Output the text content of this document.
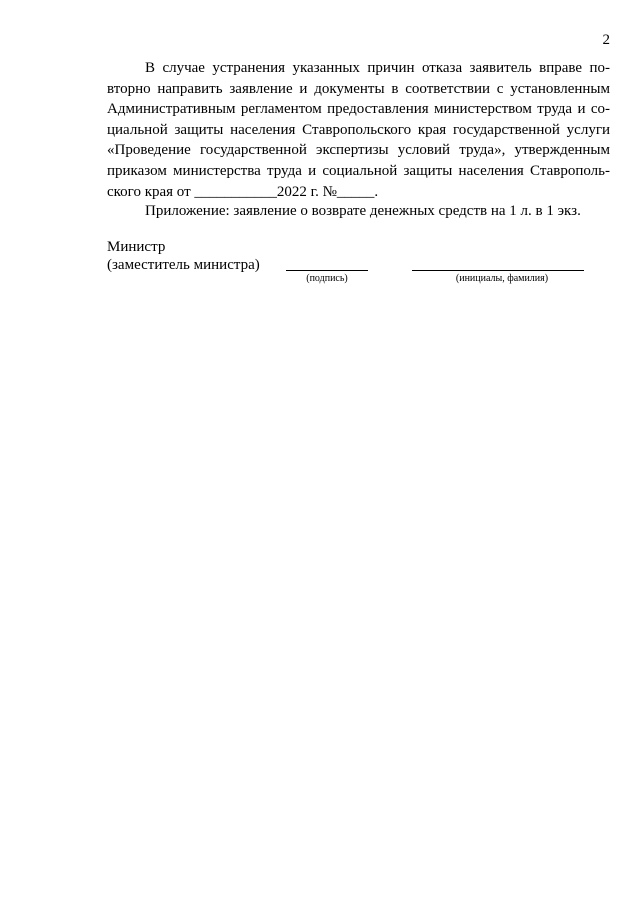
2
В случае устранения указанных причин отказа заявитель вправе по-
вторно направить заявление и документы в соответствии с установленным
Административным регламентом предоставления министерством труда и со-
циальной защиты населения Ставропольского края государственной услуги
«Проведение государственной экспертизы условий труда», утвержденным
приказом министерства труда и социальной защиты населения Ставрополь-
ского края от ___________2022 г. №_____.
Приложение: заявление о возврате денежных средств на 1 л. в 1 экз.
Министр
(заместитель министра)
(подпись)	(инициалы, фамилия)
